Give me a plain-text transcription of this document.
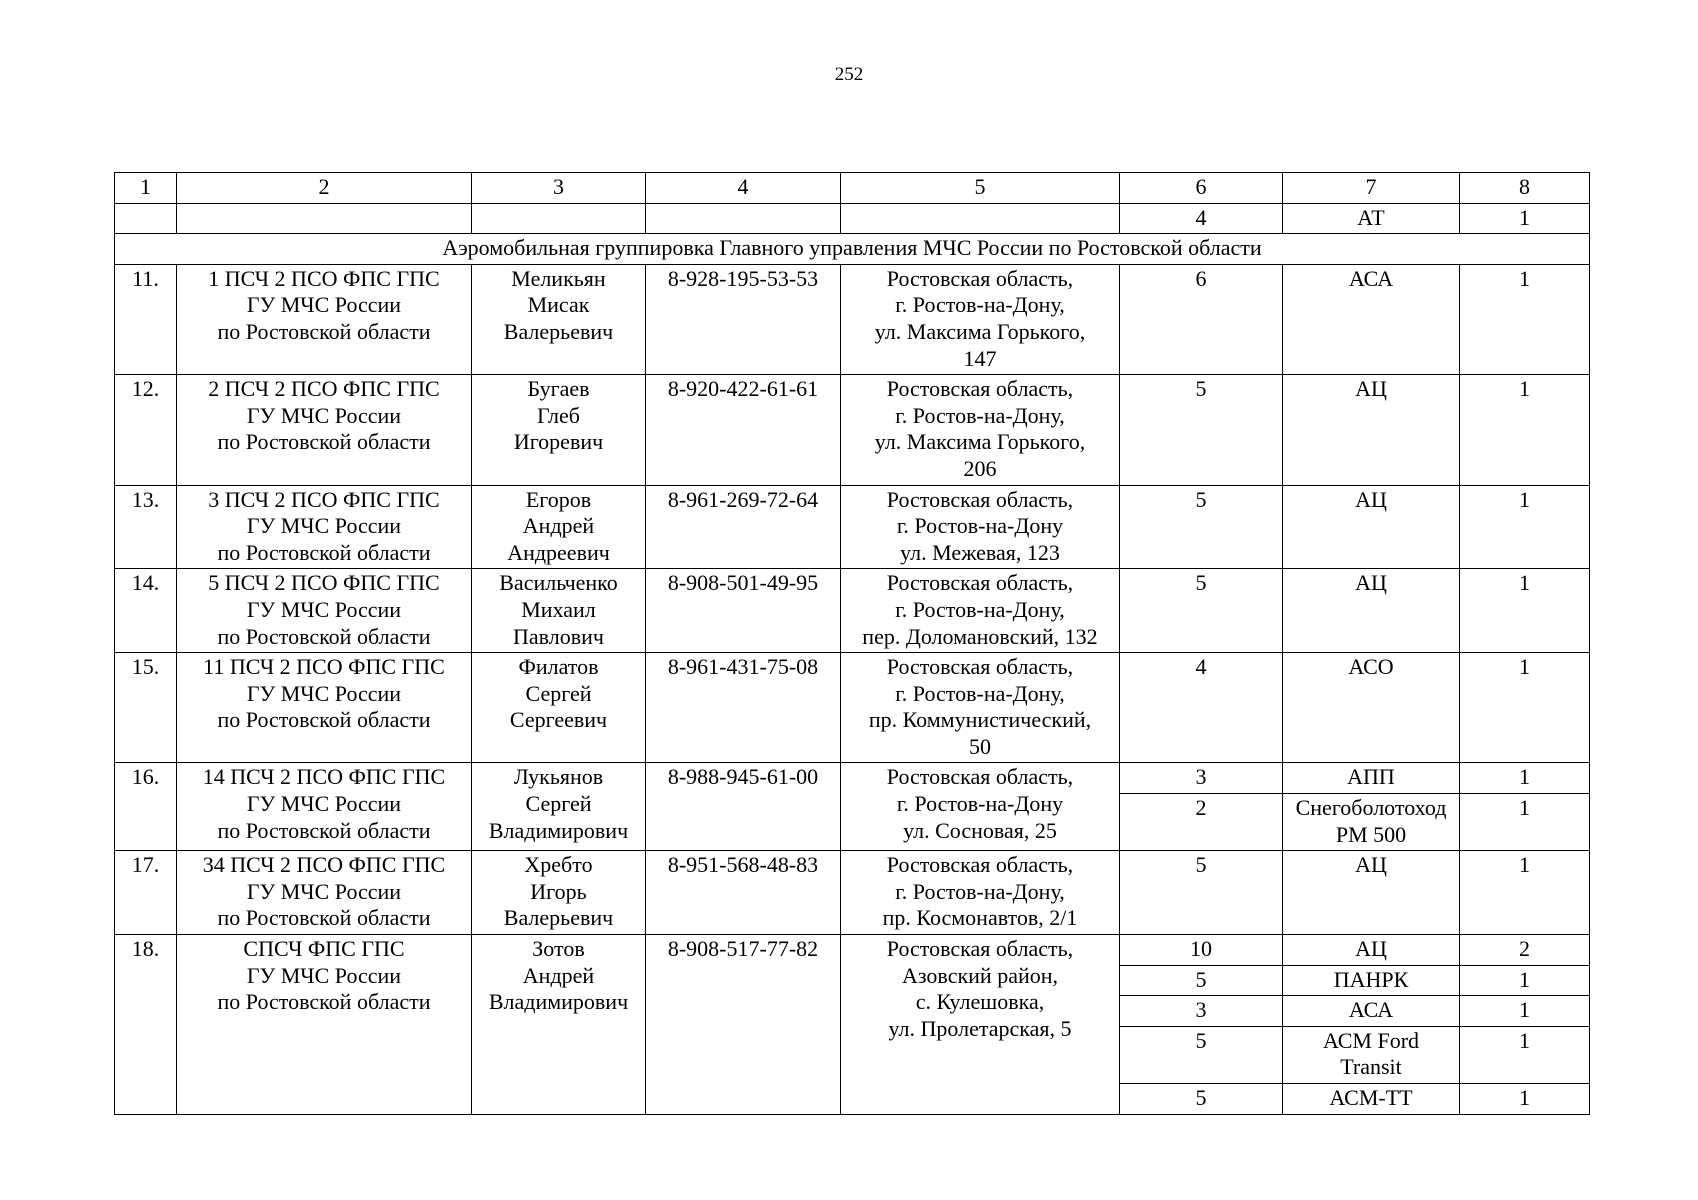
252
1	2	3	4	5	6	7	8
					4	АТ	1
Аэромобильная группировка Главного управления МЧС России по Ростовской области							
11.	1 ПСЧ 2 ПСО ФПС ГПС
ГУ МЧС России
по Ростовской области	Меликьян
Мисак
Валерьевич	8-928-195-53-53	Ростовская область,
г. Ростов-на-Дону,
ул. Максима Горького,
147	6	АСА	1
12.	2 ПСЧ 2 ПСО ФПС ГПС
ГУ МЧС России
по Ростовской области	Бугаев
Глеб
Игоревич	8-920-422-61-61	Ростовская область,
г. Ростов-на-Дону,
ул. Максима Горького,
206	5	АЦ	1
13.	3 ПСЧ 2 ПСО ФПС ГПС
ГУ МЧС России
по Ростовской области	Егоров
Андрей
Андреевич	8-961-269-72-64	Ростовская область,
г. Ростов-на-Дону
ул. Межевая, 123	5	АЦ	1
14.	5 ПСЧ 2 ПСО ФПС ГПС
ГУ МЧС России
по Ростовской области	Васильченко
Михаил
Павлович	8-908-501-49-95	Ростовская область,
г. Ростов-на-Дону,
пер. Доломановский, 132	5	АЦ	1
15.	11 ПСЧ 2 ПСО ФПС ГПС
ГУ МЧС России
по Ростовской области	Филатов
Сергей
Сергеевич	8-961-431-75-08	Ростовская область,
г. Ростов-на-Дону,
пр. Коммунистический,
50	4	АСО	1
16.	14 ПСЧ 2 ПСО ФПС ГПС
ГУ МЧС России
по Ростовской области	Лукьянов
Сергей
Владимирович	8-988-945-61-00	Ростовская область,
г. Ростов-на-Дону
ул. Сосновая, 25	3	АПП	1
					2	Снегоболотоход
РМ 500	1
17.	34 ПСЧ 2 ПСО ФПС ГПС
ГУ МЧС России
по Ростовской области	Хребто
Игорь
Валерьевич	8-951-568-48-83	Ростовская область,
г. Ростов-на-Дону,
пр. Космонавтов, 2/1	5	АЦ	1
18.	СПСЧ ФПС ГПС
ГУ МЧС России
по Ростовской области	Зотов
Андрей
Владимирович	8-908-517-77-82	Ростовская область,
Азовский район,
с. Кулешовка,
ул. Пролетарская, 5	10	АЦ	2
					5	ПАНРК	1
					3	АСА	1
					5	АСМ Ford
Transit	1
					5	АСМ-ТТ	1
